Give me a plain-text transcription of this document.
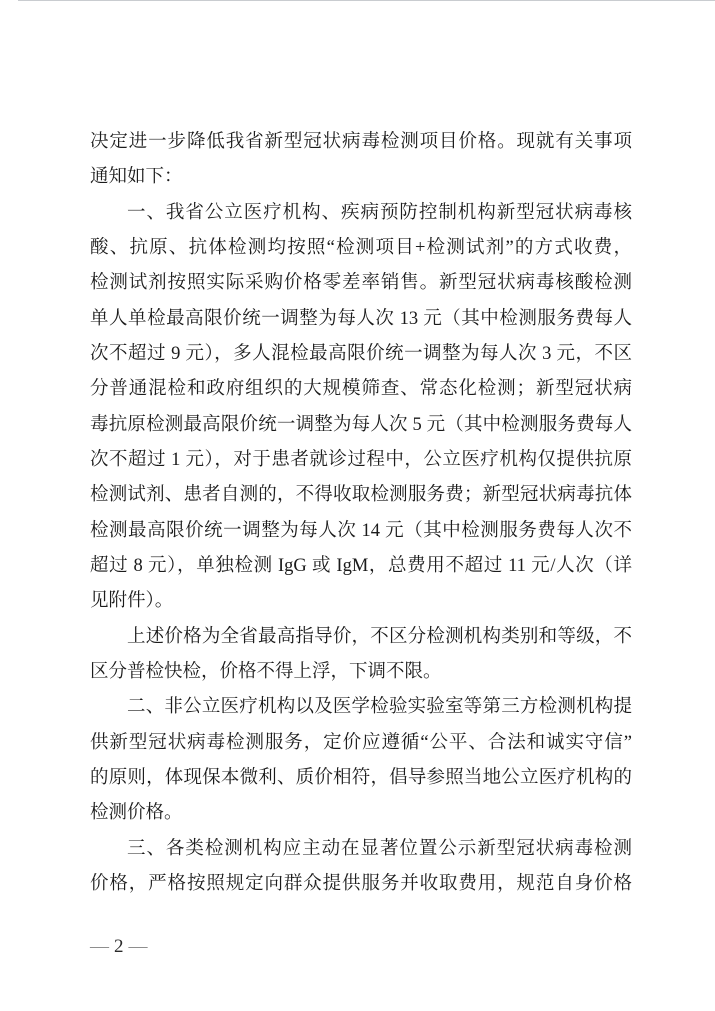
决定进一步降低我省新型冠状病毒检测项目价格。现就有关事项
通知如下：
一、我省公立医疗机构、疾病预防控制机构新型冠状病毒核
酸、抗原、抗体检测均按照“检测项目+检测试剂”的方式收费，
检测试剂按照实际采购价格零差率销售。新型冠状病毒核酸检测
单人单检最高限价统一调整为每人次 13 元（其中检测服务费每人
次不超过 9 元），多人混检最高限价统一调整为每人次 3 元，不区
分普通混检和政府组织的大规模筛查、常态化检测；新型冠状病
毒抗原检测最高限价统一调整为每人次 5 元（其中检测服务费每人
次不超过 1 元），对于患者就诊过程中，公立医疗机构仅提供抗原
检测试剂、患者自测的，不得收取检测服务费；新型冠状病毒抗体
检测最高限价统一调整为每人次 14 元（其中检测服务费每人次不
超过 8 元），单独检测 IgG 或 IgM，总费用不超过 11 元/人次（详
见附件）。
上述价格为全省最高指导价，不区分检测机构类别和等级，不
区分普检快检，价格不得上浮，下调不限。
二、非公立医疗机构以及医学检验实验室等第三方检测机构提
供新型冠状病毒检测服务，定价应遵循“公平、合法和诚实守信”
的原则，体现保本微利、质价相符，倡导参照当地公立医疗机构的
检测价格。
三、各类检测机构应主动在显著位置公示新型冠状病毒检测
价格，严格按照规定向群众提供服务并收取费用，规范自身价格
— 2 —
